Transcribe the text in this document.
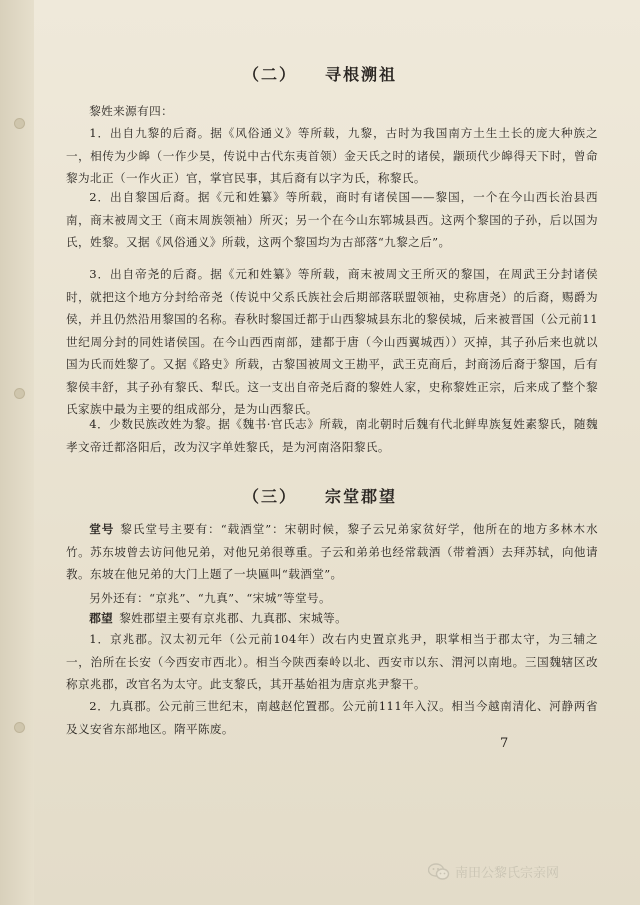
（二） 寻根溯祖

黎姓来源有四：

1．出自九黎的后裔。据《风俗通义》等所载，九黎，古时为我国南方土生土长的庞大种族之一，相传为少皞（一作少昊，传说中古代东夷首领）金天氏之时的诸侯，颛顼代少皞得天下时，曾命黎为北正（一作火正）官，掌官民事，其后裔有以字为氏，称黎氏。

2．出自黎国后裔。据《元和姓纂》等所载，商时有诸侯国——黎国，一个在今山西长治县西南，商末被周文王（商末周族领袖）所灭；另一个在今山东郓城县西。这两个黎国的子孙，后以国为氏，姓黎。又据《风俗通义》所载，这两个黎国均为古部落“九黎之后”。

3．出自帝尧的后裔。据《元和姓纂》等所载，商末被周文王所灭的黎国，在周武王分封诸侯时，就把这个地方分封给帝尧（传说中父系氏族社会后期部落联盟领袖，史称唐尧）的后裔，赐爵为侯，并且仍然沿用黎国的名称。春秋时黎国迁都于山西黎城县东北的黎侯城，后来被晋国（公元前11世纪周分封的同姓诸侯国。在今山西西南部，建都于唐（今山西翼城西））灭掉，其子孙后来也就以国为氏而姓黎了。又据《路史》所载，古黎国被周文王勘平，武王克商后，封商汤后裔于黎国，后有黎侯丰舒，其子孙有黎氏、犁氏。这一支出自帝尧后裔的黎姓人家，史称黎姓正宗，后来成了整个黎氏家族中最为主要的组成部分，是为山西黎氏。

4．少数民族改姓为黎。据《魏书·官氏志》所载，南北朝时后魏有代北鲜卑族复姓素黎氏，随魏孝文帝迁都洛阳后，改为汉字单姓黎氏，是为河南洛阳黎氏。

（三） 宗堂郡望

堂号 黎氏堂号主要有：“载酒堂”：宋朝时候，黎子云兄弟家贫好学，他所在的地方多林木水竹。苏东坡曾去访问他兄弟，对他兄弟很尊重。子云和弟弟也经常载酒（带着酒）去拜苏轼，向他请教。东坡在他兄弟的大门上题了一块匾叫“载酒堂”。

另外还有：“京兆”、“九真”、“宋城”等堂号。

郡望 黎姓郡望主要有京兆郡、九真郡、宋城等。

1．京兆郡。汉太初元年（公元前104年）改右内史置京兆尹，职掌相当于郡太守，为三辅之一，治所在长安（今西安市西北）。相当今陕西秦岭以北、西安市以东、渭河以南地。三国魏辖区改称京兆郡，改官名为太守。此支黎氏，其开基始祖为唐京兆尹黎干。

2．九真郡。公元前三世纪末，南越赵佗置郡。公元前111年入汉。相当今越南清化、河静两省及义安省东部地区。隋平陈废。

7

南田公黎氏宗亲网
